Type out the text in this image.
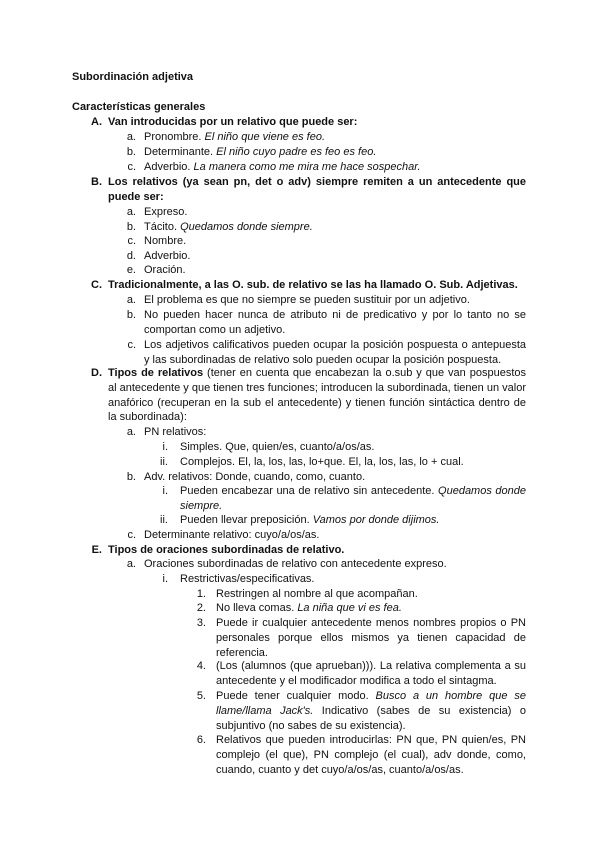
Subordinación adjetiva
Características generales
A. Van introducidas por un relativo que puede ser:
a. Pronombre. El niño que viene es feo.
b. Determinante. El niño cuyo padre es feo es feo.
c. Adverbio. La manera como me mira me hace sospechar.
B. Los relativos (ya sean pn, det o adv) siempre remiten a un antecedente que puede ser:
a. Expreso.
b. Tácito. Quedamos donde siempre.
c. Nombre.
d. Adverbio.
e. Oración.
C. Tradicionalmente, a las O. sub. de relativo se las ha llamado O. Sub. Adjetivas.
a. El problema es que no siempre se pueden sustituir por un adjetivo.
b. No pueden hacer nunca de atributo ni de predicativo y por lo tanto no se comportan como un adjetivo.
c. Los adjetivos calificativos pueden ocupar la posición pospuesta o antepuesta y las subordinadas de relativo solo pueden ocupar la posición pospuesta.
D. Tipos de relativos (tener en cuenta que encabezan la o.sub y que van pospuestos al antecedente y que tienen tres funciones; introducen la subordinada, tienen un valor anafórico (recuperan en la sub el antecedente) y tienen función sintáctica dentro de la subordinada):
a. PN relativos:
i. Simples. Que, quien/es, cuanto/a/os/as.
ii. Complejos. El, la, los, las, lo+que. El, la, los, las, lo + cual.
b. Adv. relativos: Donde, cuando, como, cuanto.
i. Pueden encabezar una de relativo sin antecedente. Quedamos donde siempre.
ii. Pueden llevar preposición. Vamos por donde dijimos.
c. Determinante relativo: cuyo/a/os/as.
E. Tipos de oraciones subordinadas de relativo.
a. Oraciones subordinadas de relativo con antecedente expreso.
i. Restrictivas/especificativas.
1. Restringen al nombre al que acompañan.
2. No lleva comas. La niña que vi es fea.
3. Puede ir cualquier antecedente menos nombres propios o PN personales porque ellos mismos ya tienen capacidad de referencia.
4. (Los (alumnos (que aprueban))). La relativa complementa a su antecedente y el modificador modifica a todo el sintagma.
5. Puede tener cualquier modo. Busco a un hombre que se llame/llama Jack's. Indicativo (sabes de su existencia) o subjuntivo (no sabes de su existencia).
6. Relativos que pueden introducirlas: PN que, PN quien/es, PN complejo (el que), PN complejo (el cual), adv donde, como, cuando, cuanto y det cuyo/a/os/as, cuanto/a/os/as.
